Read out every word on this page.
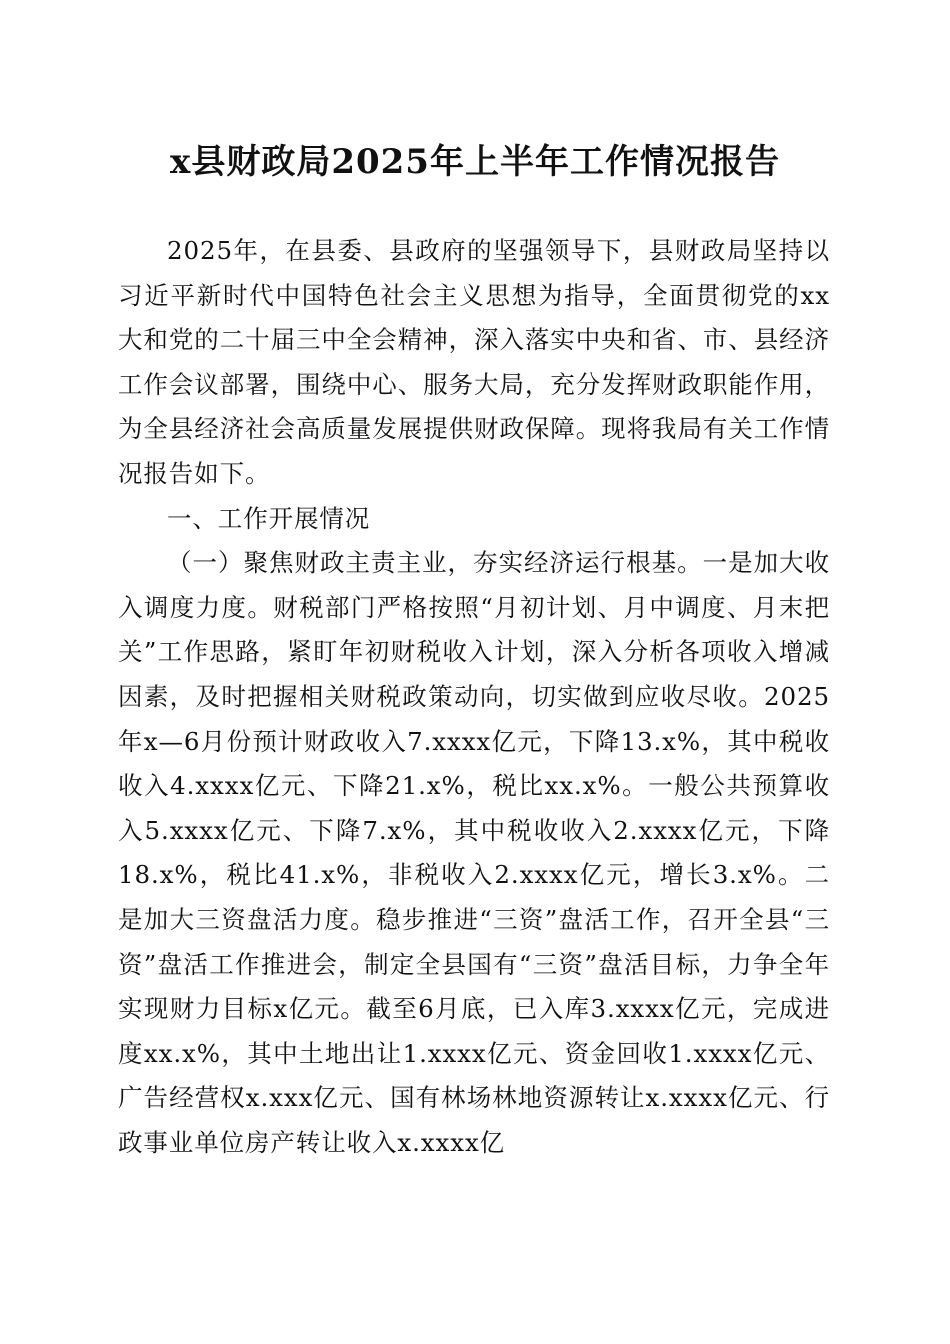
x县财政局2025年上半年工作情况报告

2025年，在县委、县政府的坚强领导下，县财政局坚持以习近平新时代中国特色社会主义思想为指导，全面贯彻党的xx大和党的二十届三中全会精神，深入落实中央和省、市、县经济工作会议部署，围绕中心、服务大局，充分发挥财政职能作用，为全县经济社会高质量发展提供财政保障。现将我局有关工作情况报告如下。

一、工作开展情况

（一）聚焦财政主责主业，夯实经济运行根基。一是加大收入调度力度。财税部门严格按照“月初计划、月中调度、月末把关”工作思路，紧盯年初财税收入计划，深入分析各项收入增减因素，及时把握相关财税政策动向，切实做到应收尽收。2025年x—6月份预计财政收入7.xxxx亿元，下降13.x%，其中税收收入4.xxxx亿元、下降21.x%，税比xx.x%。一般公共预算收入5.xxxx亿元、下降7.x%，其中税收收入2.xxxx亿元，下降18.x%，税比41.x%，非税收入2.xxxx亿元，增长3.x%。二是加大三资盘活力度。稳步推进“三资”盘活工作，召开全县“三资”盘活工作推进会，制定全县国有“三资”盘活目标，力争全年实现财力目标x亿元。截至6月底，已入库3.xxxx亿元，完成进度xx.x%，其中土地出让1.xxxx亿元、资金回收1.xxxx亿元、广告经营权x.xxx亿元、国有林场林地资源转让x.xxxx亿元、行政事业单位房产转让收入x.xxxx亿
